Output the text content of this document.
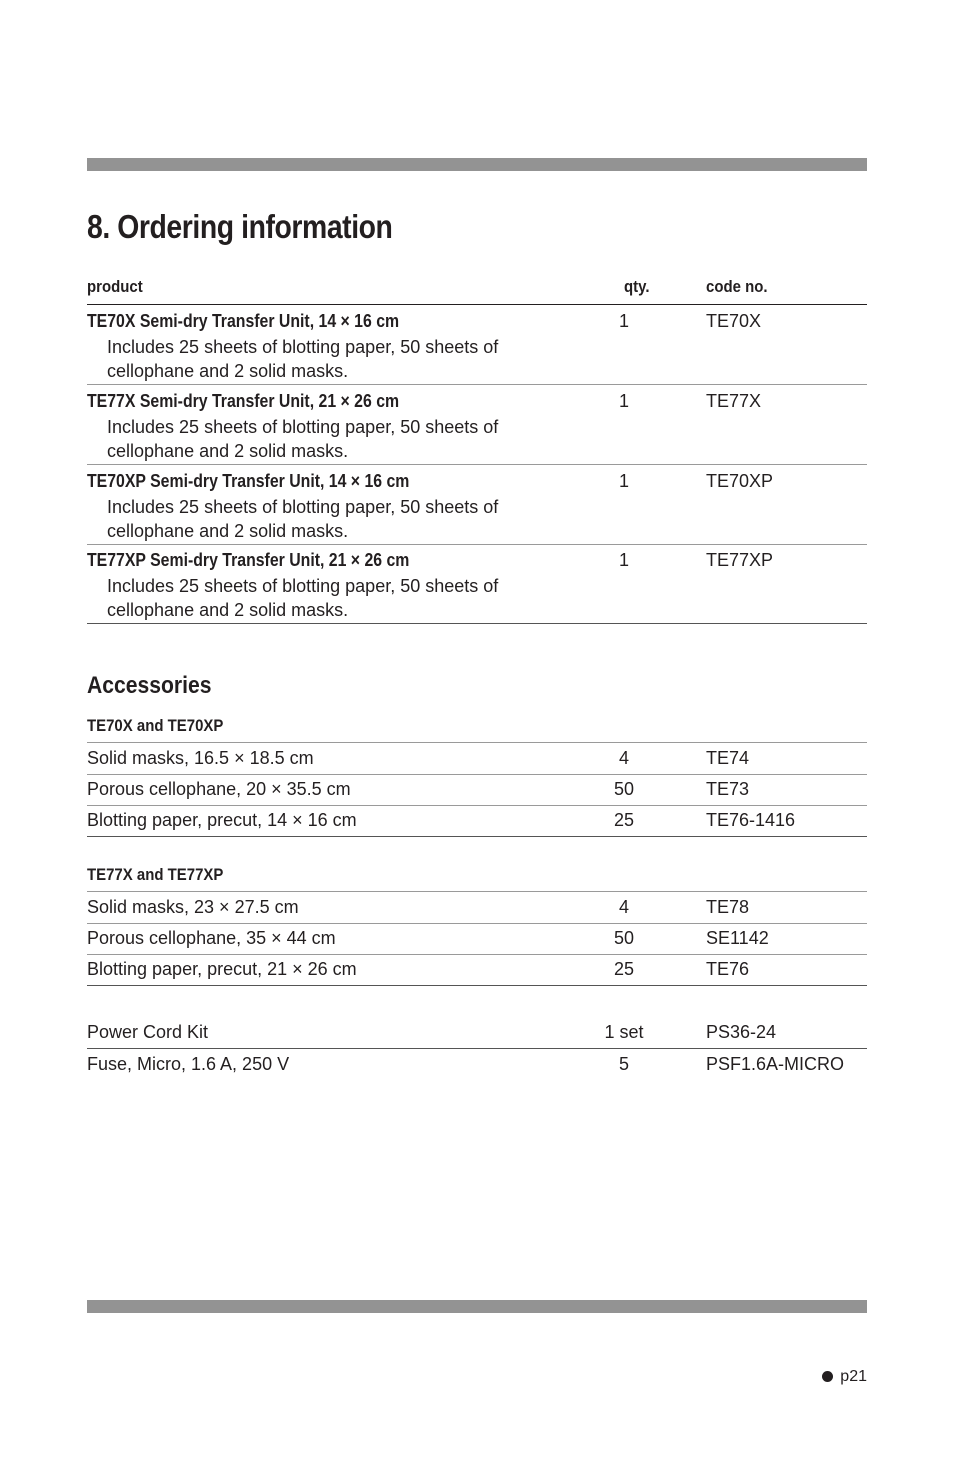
8. Ordering information
product	qty.	code no.
TE70X Semi-dry Transfer Unit, 14 × 16 cm
Includes 25 sheets of blotting paper, 50 sheets of cellophane and 2 solid masks.
1	TE70X
TE77X Semi-dry Transfer Unit, 21 × 26 cm
Includes 25 sheets of blotting paper, 50 sheets of cellophane and 2 solid masks.
1	TE77X
TE70XP Semi-dry Transfer Unit, 14 × 16 cm
Includes 25 sheets of blotting paper, 50 sheets of cellophane and 2 solid masks.
1	TE70XP
TE77XP Semi-dry Transfer Unit, 21 × 26 cm
Includes 25 sheets of blotting paper, 50 sheets of cellophane and 2 solid masks.
1	TE77XP
Accessories
TE70X and TE70XP
Solid masks, 16.5 × 18.5 cm	4	TE74
Porous cellophane, 20 × 35.5 cm	50	TE73
Blotting paper, precut, 14 × 16 cm	25	TE76-1416
TE77X and TE77XP
Solid masks, 23 × 27.5 cm	4	TE78
Porous cellophane, 35 × 44 cm	50	SE1142
Blotting paper, precut, 21 × 26 cm	25	TE76
Power Cord Kit	1 set	PS36-24
Fuse, Micro, 1.6 A, 250 V	5	PSF1.6A-MICRO
p21
